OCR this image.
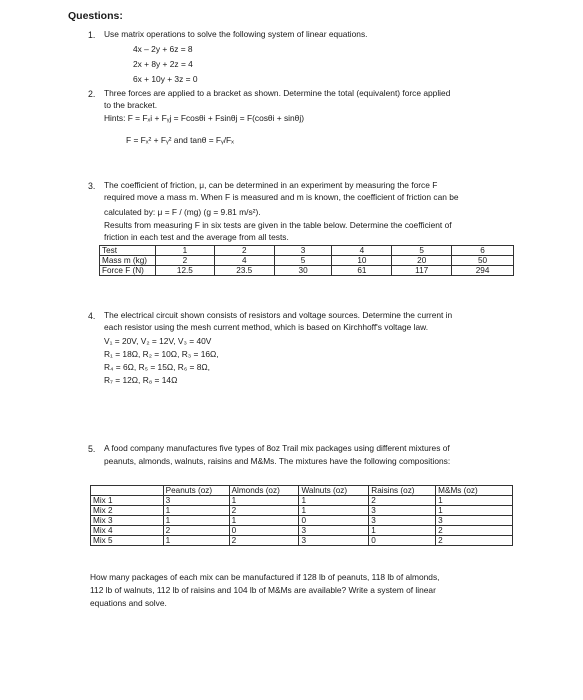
Questions:
1. Use matrix operations to solve the following system of linear equations.
4x – 2y + 6z = 8
2x + 8y + 2z = 4
6x + 10y + 3z = 0
2. Three forces are applied to a bracket as shown. Determine the total (equivalent) force applied
to the bracket.
Hints: F = Fₓi + Fᵧj = Fcosθi + Fsinθj = F(cosθi + sinθj)
F = Fₓ² + Fᵧ² and tanθ = Fᵧ/Fₓ
3. The coefficient of friction, μ, can be determined in an experiment by measuring the force F
required move a mass m. When F is measured and m is known, the coefficient of friction can be
calculated by: μ = F / (mg) (g = 9.81 m/s²).
Results from measuring F in six tests are given in the table below. Determine the coefficient of
friction in each test and the average from all tests.
Test	1	2	3	4	5	6
Mass m (kg)	2	4	5	10	20	50
Force F (N)	12.5	23.5	30	61	117	294
4. The electrical circuit shown consists of resistors and voltage sources. Determine the current in
each resistor using the mesh current method, which is based on Kirchhoff's voltage law.
V₁ = 20V, V₂ = 12V, V₃ = 40V
R₁ = 18Ω, R₂ = 10Ω, R₃ = 16Ω,
R₄ = 6Ω, R₅ = 15Ω, R₆ = 8Ω,
R₇ = 12Ω, R₈ = 14Ω
5. A food company manufactures five types of 8oz Trail mix packages using different mixtures of
peanuts, almonds, walnuts, raisins and M&Ms. The mixtures have the following compositions:
	Peanuts (oz)	Almonds (oz)	Walnuts (oz)	Raisins (oz)	M&Ms (oz)
Mix 1	3	1	1	2	1
Mix 2	1	2	1	3	1
Mix 3	1	1	0	3	3
Mix 4	2	0	3	1	2
Mix 5	1	2	3	0	2
How many packages of each mix can be manufactured if 128 lb of peanuts, 118 lb of almonds,
112 lb of walnuts, 112 lb of raisins and 104 lb of M&Ms are available? Write a system of linear
equations and solve.
